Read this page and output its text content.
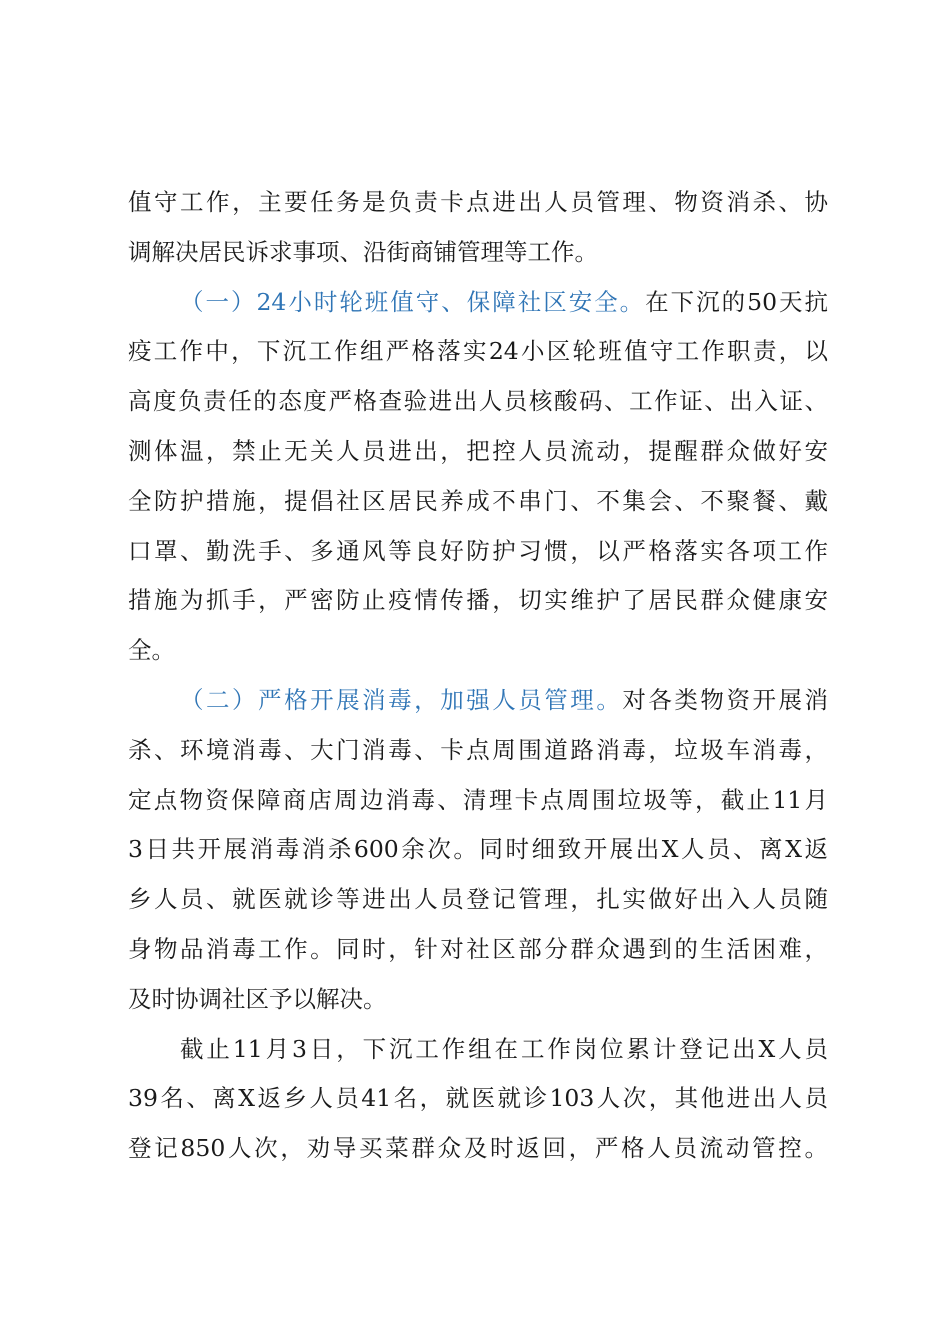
值守工作，主要任务是负责卡点进出人员管理、物资消杀、协
调解决居民诉求事项、沿街商铺管理等工作。
（一）24小时轮班值守、保障社区安全。在下沉的50天抗
疫工作中，下沉工作组严格落实24小区轮班值守工作职责，以
高度负责任的态度严格查验进出人员核酸码、工作证、出入证、
测体温，禁止无关人员进出，把控人员流动，提醒群众做好安
全防护措施，提倡社区居民养成不串门、不集会、不聚餐、戴
口罩、勤洗手、多通风等良好防护习惯，以严格落实各项工作
措施为抓手，严密防止疫情传播，切实维护了居民群众健康安
全。
（二）严格开展消毒，加强人员管理。对各类物资开展消
杀、环境消毒、大门消毒、卡点周围道路消毒，垃圾车消毒，
定点物资保障商店周边消毒、清理卡点周围垃圾等，截止11月
3日共开展消毒消杀600余次。同时细致开展出X人员、离X返
乡人员、就医就诊等进出人员登记管理，扎实做好出入人员随
身物品消毒工作。同时，针对社区部分群众遇到的生活困难，
及时协调社区予以解决。
截止11月3日，下沉工作组在工作岗位累计登记出X人员
39名、离X返乡人员41名，就医就诊103人次，其他进出人员
登记850人次，劝导买菜群众及时返回，严格人员流动管控。
